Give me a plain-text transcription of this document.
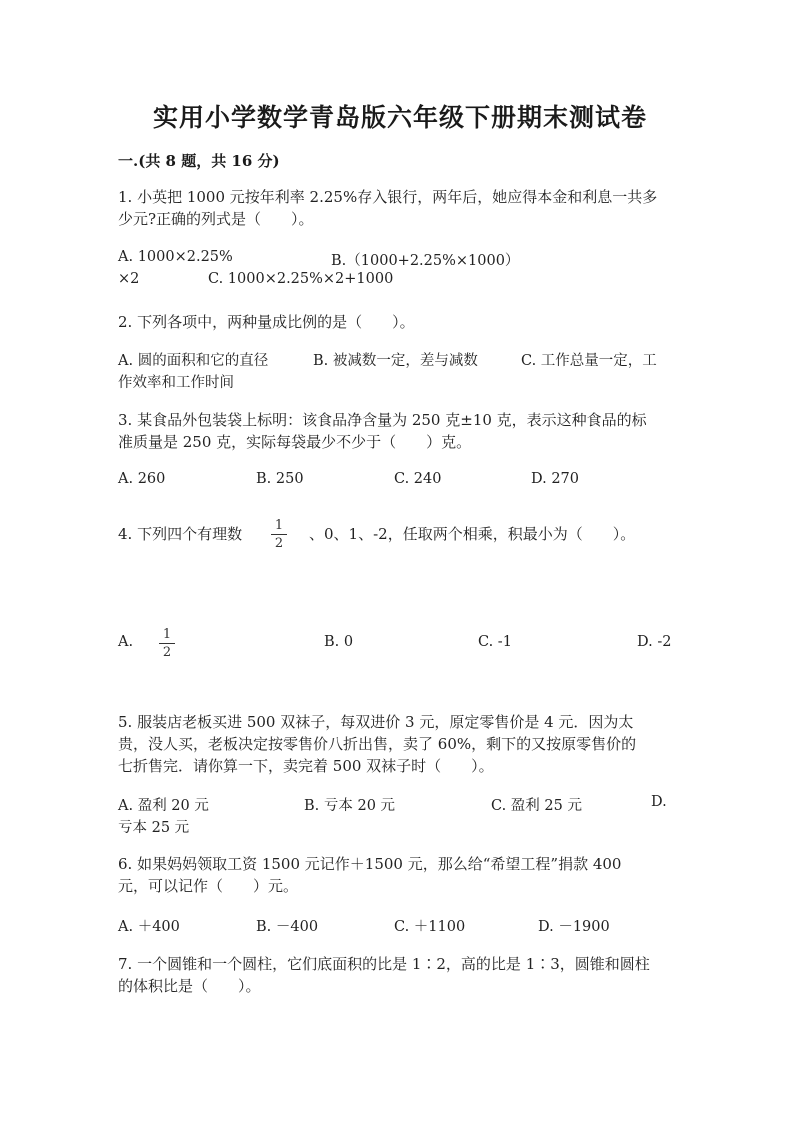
实用小学数学青岛版六年级下册期末测试卷
一.(共 8 题，共 16 分)
1. 小英把 1000 元按年利率 2.25%存入银行，两年后，她应得本金和利息一共多
少元?正确的列式是（　　）。
A. 1000×2.25%	B.（1000+2.25%×1000）
×2	C. 1000×2.25%×2+1000
2. 下列各项中，两种量成比例的是（　　）。
A. 圆的面积和它的直径	B. 被减数一定，差与减数	C. 工作总量一定，工
作效率和工作时间
3. 某食品外包装袋上标明：该食品净含量为 250 克±10 克，表示这种食品的标
准质量是 250 克，实际每袋最少不少于（　　）克。
A. 260	B. 250	C. 240	D. 270
4. 下列四个有理数	1
2
、0、1、-2，任取两个相乘，积最小为（　　）。
A. 1
2
B. 0	C. -1	D. -2
5. 服装店老板买进 500 双袜子，每双进价 3 元，原定零售价是 4 元．因为太
贵，没人买，老板决定按零售价八折出售，卖了 60%，剩下的又按原零售价的
七折售完．请你算一下，卖完着 500 双袜子时（　　）。
A. 盈利 20 元	B. 亏本 20 元	C. 盈利 25 元	D.
亏本 25 元
6. 如果妈妈领取工资 1500 元记作＋1500 元，那么给“希望工程”捐款 400
元，可以记作（　　）元。
A. ＋400	B. －400	C. ＋1100	D. －1900
7. 一个圆锥和一个圆柱，它们底面积的比是 1∶2，高的比是 1∶3，圆锥和圆柱
的体积比是（　　）。
